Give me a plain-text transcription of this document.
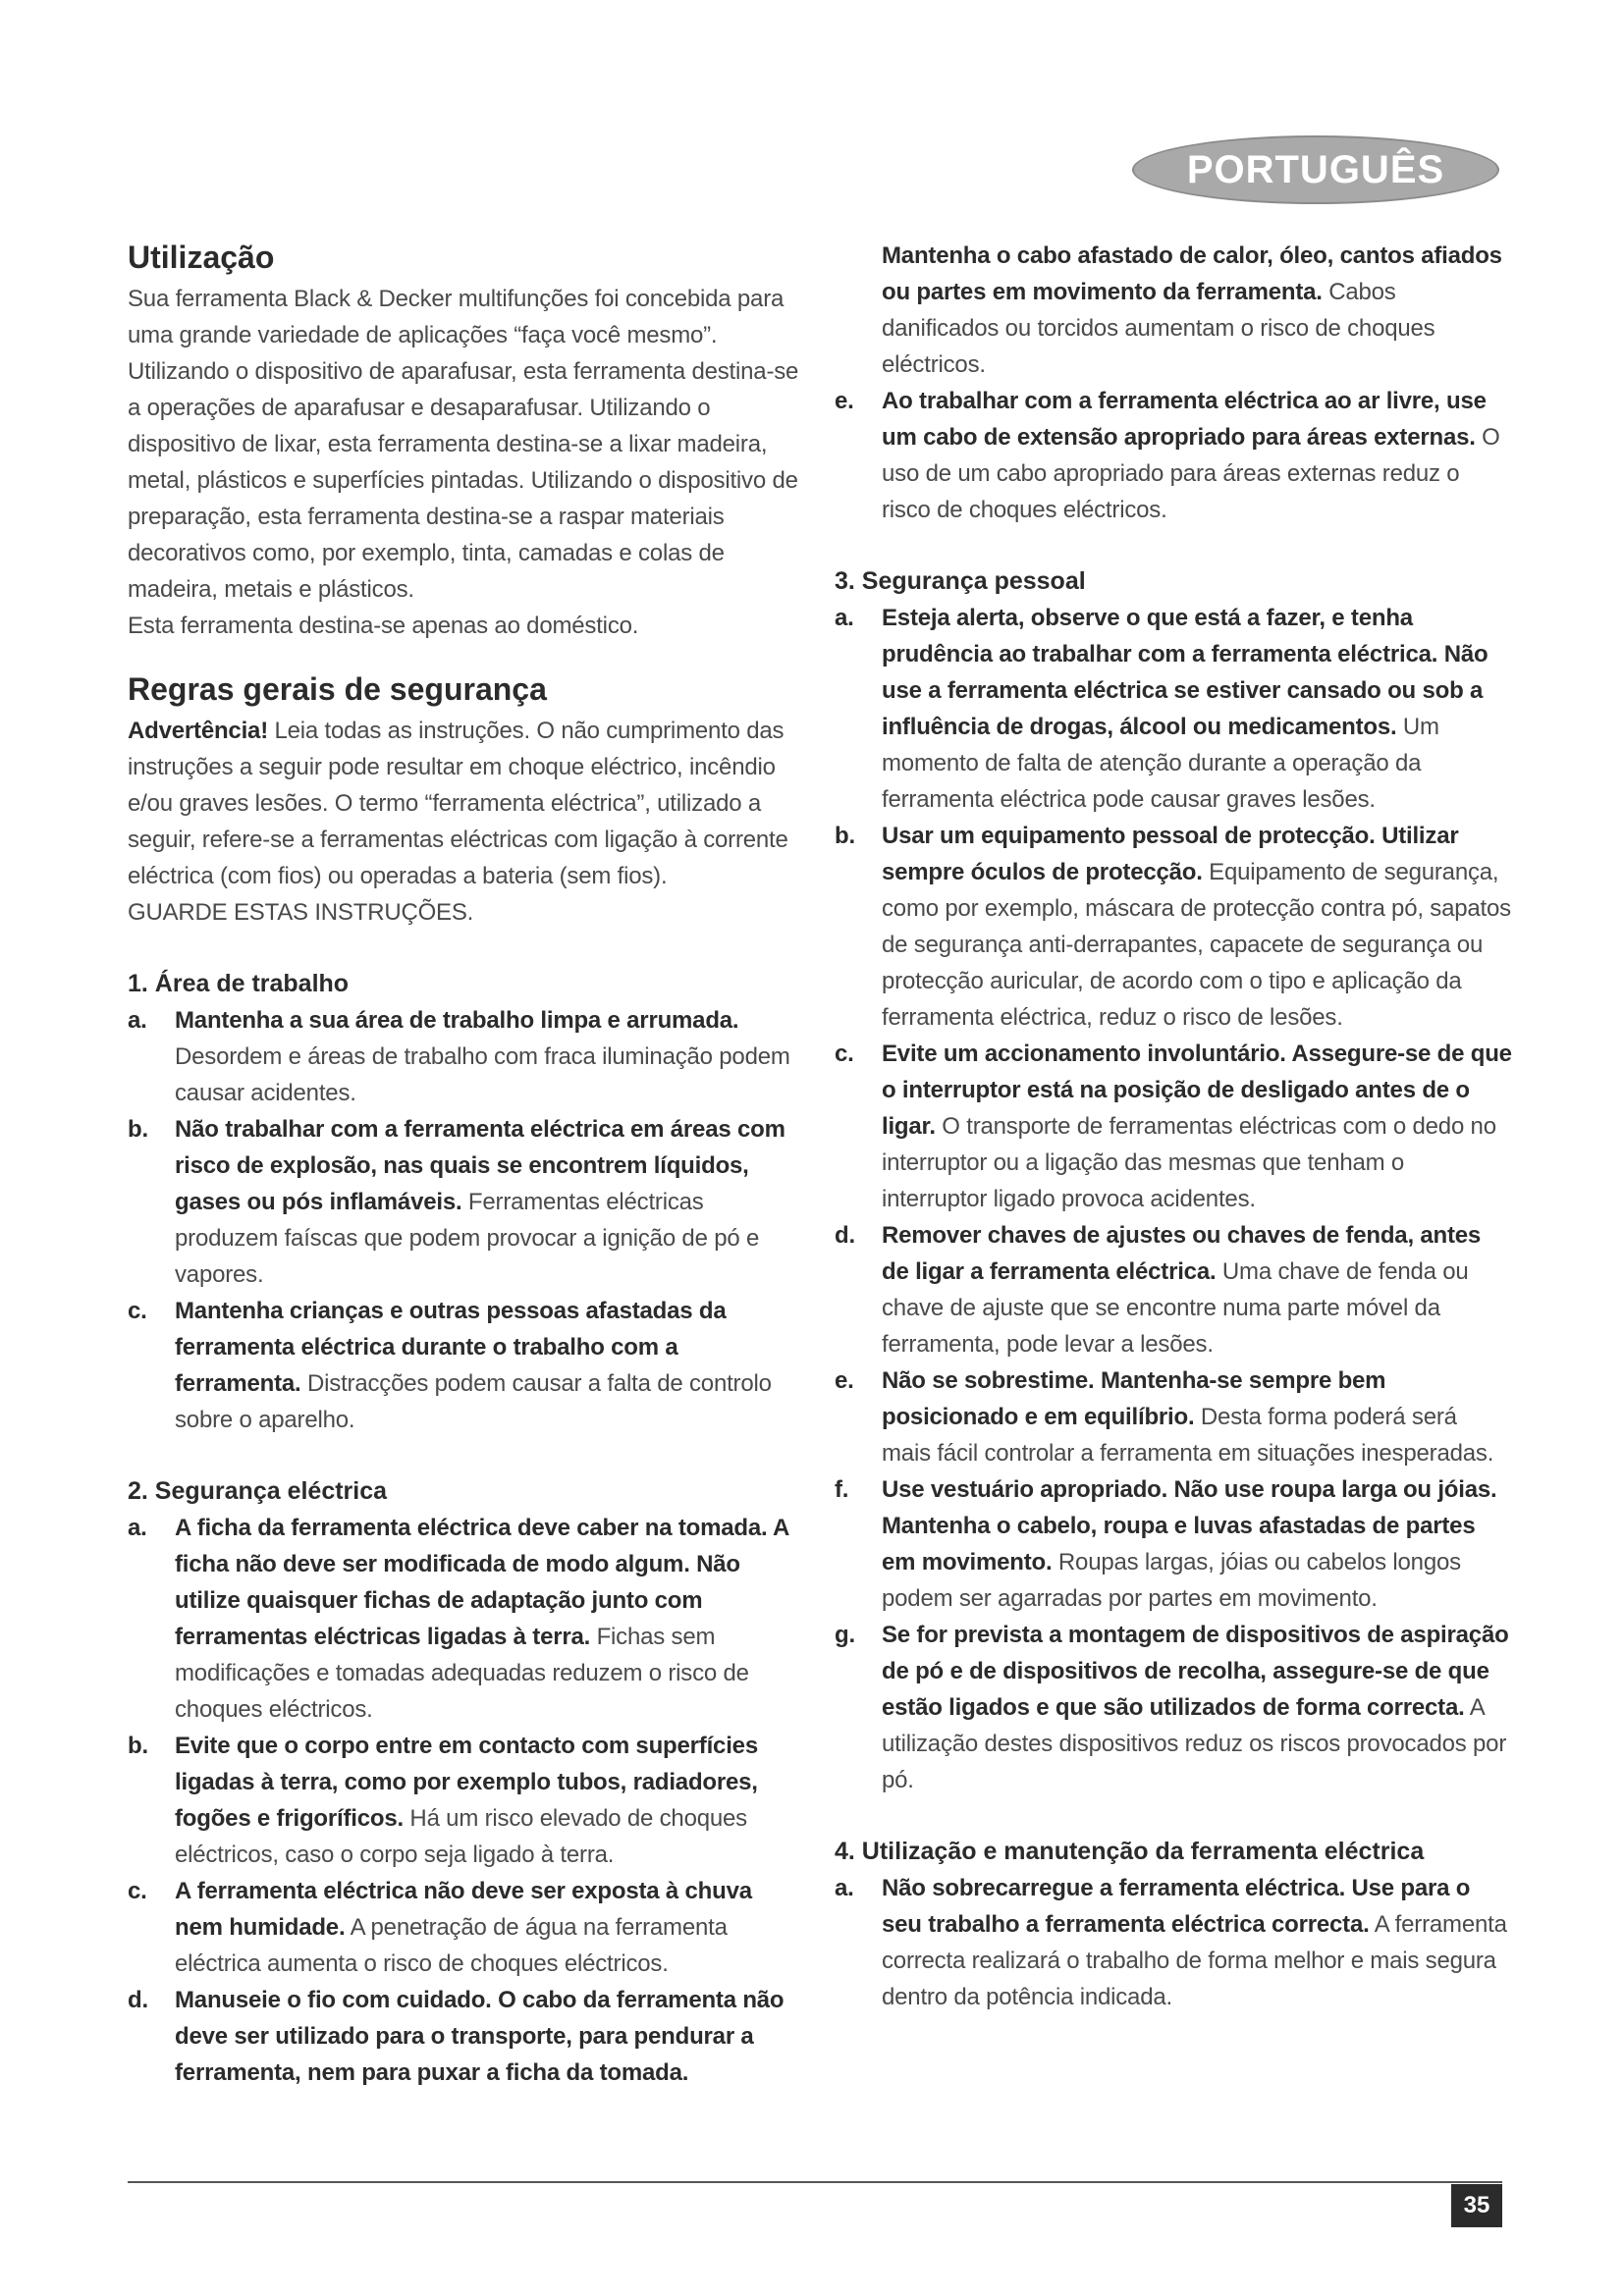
PORTUGUÊS
Utilização

Sua ferramenta Black & Decker multifunções foi concebida para uma grande variedade de aplicações “faça você mesmo”. Utilizando o dispositivo de aparafusar, esta ferramenta destina-se a operações de aparafusar e desaparafusar. Utilizando o dispositivo de lixar, esta ferramenta destina-se a lixar madeira, metal, plásticos e superfícies pintadas. Utilizando o dispositivo de preparação, esta ferramenta destina-se a raspar materiais decorativos como, por exemplo, tinta, camadas e colas de madeira, metais e plásticos.

Esta ferramenta destina-se apenas ao doméstico.

Regras gerais de segurança

Advertência! Leia todas as instruções. O não cumprimento das instruções a seguir pode resultar em choque eléctrico, incêndio e/ou graves lesões. O termo “ferramenta eléctrica”, utilizado a seguir, refere-se a ferramentas eléctricas com ligação à corrente eléctrica (com fios) ou operadas a bateria (sem fios).

GUARDE ESTAS INSTRUÇÕES.

1. Área de trabalho
a. Mantenha a sua área de trabalho limpa e arrumada. Desordem e áreas de trabalho com fraca iluminação podem causar acidentes.
b. Não trabalhar com a ferramenta eléctrica em áreas com risco de explosão, nas quais se encontrem líquidos, gases ou pós inflamáveis. Ferramentas eléctricas produzem faíscas que podem provocar a ignição de pó e vapores.
c. Mantenha crianças e outras pessoas afastadas da ferramenta eléctrica durante o trabalho com a ferramenta. Distracções podem causar a falta de controlo sobre o aparelho.
2. Segurança eléctrica
a. A ficha da ferramenta eléctrica deve caber na tomada. A ficha não deve ser modificada de modo algum. Não utilize quaisquer fichas de adaptação junto com ferramentas eléctricas ligadas à terra. Fichas sem modificações e tomadas adequadas reduzem o risco de choques eléctricos.
b. Evite que o corpo entre em contacto com superfícies ligadas à terra, como por exemplo tubos, radiadores, fogões e frigoríficos. Há um risco elevado de choques eléctricos, caso o corpo seja ligado à terra.
c. A ferramenta eléctrica não deve ser exposta à chuva nem humidade. A penetração de água na ferramenta eléctrica aumenta o risco de choques eléctricos.
d. Manuseie o fio com cuidado. O cabo da ferramenta não deve ser utilizado para o transporte, para pendurar a ferramenta, nem para puxar a ficha da tomada.
Mantenha o cabo afastado de calor, óleo, cantos afiados ou partes em movimento da ferramenta. Cabos danificados ou torcidos aumentam o risco de choques eléctricos.
e. Ao trabalhar com a ferramenta eléctrica ao ar livre, use um cabo de extensão apropriado para áreas externas. O uso de um cabo apropriado para áreas externas reduz o risco de choques eléctricos.
3. Segurança pessoal
a. Esteja alerta, observe o que está a fazer, e tenha prudência ao trabalhar com a ferramenta eléctrica. Não use a ferramenta eléctrica se estiver cansado ou sob a influência de drogas, álcool ou medicamentos. Um momento de falta de atenção durante a operação da ferramenta eléctrica pode causar graves lesões.
b. Usar um equipamento pessoal de protecção. Utilizar sempre óculos de protecção. Equipamento de segurança, como por exemplo, máscara de protecção contra pó, sapatos de segurança anti-derrapantes, capacete de segurança ou protecção auricular, de acordo com o tipo e aplicação da ferramenta eléctrica, reduz o risco de lesões.
c. Evite um accionamento involuntário. Assegure-se de que o interruptor está na posição de desligado antes de o ligar. O transporte de ferramentas eléctricas com o dedo no interruptor ou a ligação das mesmas que tenham o interruptor ligado provoca acidentes.
d. Remover chaves de ajustes ou chaves de fenda, antes de ligar a ferramenta eléctrica. Uma chave de fenda ou chave de ajuste que se encontre numa parte móvel da ferramenta, pode levar a lesões.
e. Não se sobrestime. Mantenha-se sempre bem posicionado e em equilíbrio. Desta forma poderá será mais fácil controlar a ferramenta em situações inesperadas.
f. Use vestuário apropriado. Não use roupa larga ou jóias. Mantenha o cabelo, roupa e luvas afastadas de partes em movimento. Roupas largas, jóias ou cabelos longos podem ser agarradas por partes em movimento.
g. Se for prevista a montagem de dispositivos de aspiração de pó e de dispositivos de recolha, assegure-se de que estão ligados e que são utilizados de forma correcta. A utilização destes dispositivos reduz os riscos provocados por pó.
4. Utilização e manutenção da ferramenta eléctrica
a. Não sobrecarregue a ferramenta eléctrica. Use para o seu trabalho a ferramenta eléctrica correcta. A ferramenta correcta realizará o trabalho de forma melhor e mais segura dentro da potência indicada.
35
